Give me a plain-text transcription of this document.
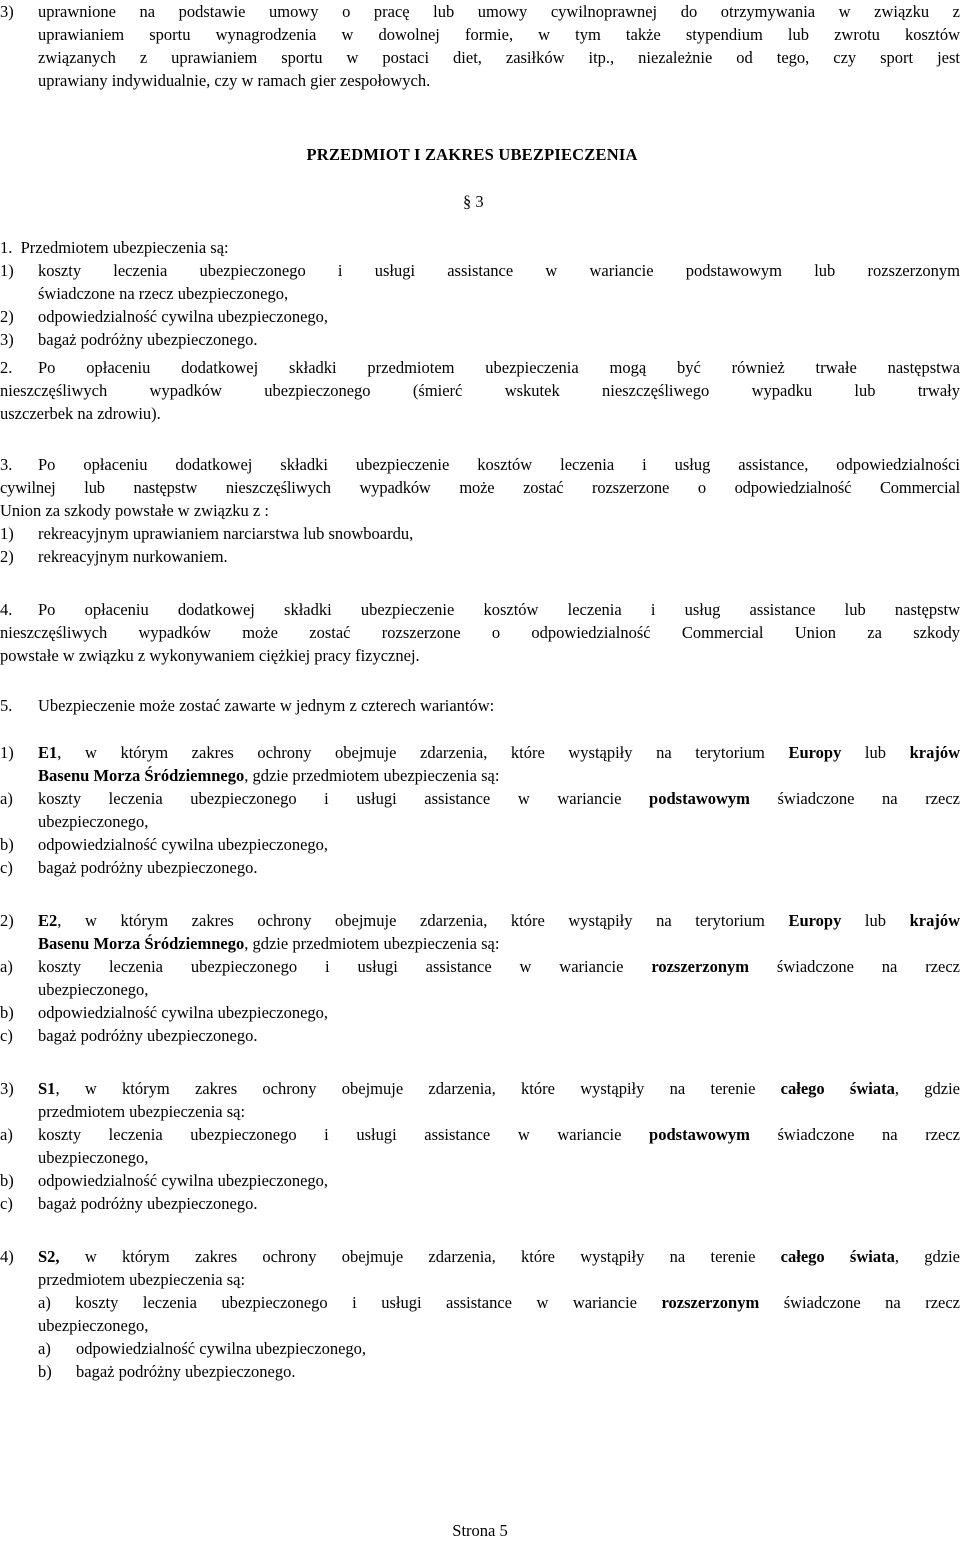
3)	uprawnione na podstawie umowy o pracę lub umowy cywilnoprawnej do otrzymywania w związku z

uprawianiem sportu wynagrodzenia w dowolnej formie, w tym także stypendium lub zwrotu kosztów

związanych z uprawianiem sportu w postaci diet, zasiłków itp., niezależnie od tego, czy sport jest

uprawiany indywidualnie, czy w ramach gier zespołowych.

PRZEDMIOT I ZAKRES UBEZPIECZENIA
§ 3

1. Przedmiotem ubezpieczenia są:

1)	koszty leczenia ubezpieczonego i usługi assistance w wariancie podstawowym lub rozszerzonym

świadczone na rzecz ubezpieczonego,

2)	odpowiedzialność cywilna ubezpieczonego,

3)	bagaż podróżny ubezpieczonego.

2.	Po opłaceniu dodatkowej składki przedmiotem ubezpieczenia mogą być również trwałe następstwa

nieszczęśliwych wypadków ubezpieczonego (śmierć wskutek nieszczęśliwego wypadku lub trwały

uszczerbek na zdrowiu).

3.	Po opłaceniu dodatkowej składki ubezpieczenie kosztów leczenia i usług assistance, odpowiedzialności

cywilnej lub następstw nieszczęśliwych wypadków może zostać rozszerzone o odpowiedzialność Commercial

Union za szkody powstałe w związku z :

1)	rekreacyjnym uprawianiem narciarstwa lub snowboardu,

2)	rekreacyjnym nurkowaniem.

4.	Po opłaceniu dodatkowej składki ubezpieczenie kosztów leczenia i usług assistance lub następstw

nieszczęśliwych wypadków może zostać rozszerzone o odpowiedzialność Commercial Union za szkody

powstałe w związku z wykonywaniem ciężkiej pracy fizycznej.

5.	Ubezpieczenie może zostać zawarte w jednym z czterech wariantów:

1)	E1, w którym zakres ochrony obejmuje zdarzenia, które wystąpiły na terytorium Europy lub krajów

Basenu Morza Śródziemnego, gdzie przedmiotem ubezpieczenia są:

a)	koszty leczenia ubezpieczonego i usługi assistance w wariancie podstawowym świadczone na rzecz

ubezpieczonego,

b)	odpowiedzialność cywilna ubezpieczonego,

c)	bagaż podróżny ubezpieczonego.

2)	E2, w którym zakres ochrony obejmuje zdarzenia, które wystąpiły na terytorium Europy lub krajów

Basenu Morza Śródziemnego, gdzie przedmiotem ubezpieczenia są:

a)	koszty leczenia ubezpieczonego i usługi assistance w wariancie rozszerzonym świadczone na rzecz

ubezpieczonego,

b)	odpowiedzialność cywilna ubezpieczonego,

c)	bagaż podróżny ubezpieczonego.

3)	S1, w którym zakres ochrony obejmuje zdarzenia, które wystąpiły na terenie całego świata, gdzie

przedmiotem ubezpieczenia są:

a)	koszty leczenia ubezpieczonego i usługi assistance w wariancie podstawowym świadczone na rzecz

ubezpieczonego,

b)	odpowiedzialność cywilna ubezpieczonego,

c)	bagaż podróżny ubezpieczonego.

4)	S2, w którym zakres ochrony obejmuje zdarzenia, które wystąpiły na terenie całego świata, gdzie

przedmiotem ubezpieczenia są:

a) koszty leczenia ubezpieczonego i usługi assistance w wariancie rozszerzonym świadczone na rzecz

ubezpieczonego,

a)	odpowiedzialność cywilna ubezpieczonego,

b)	bagaż podróżny ubezpieczonego.

Strona 5
